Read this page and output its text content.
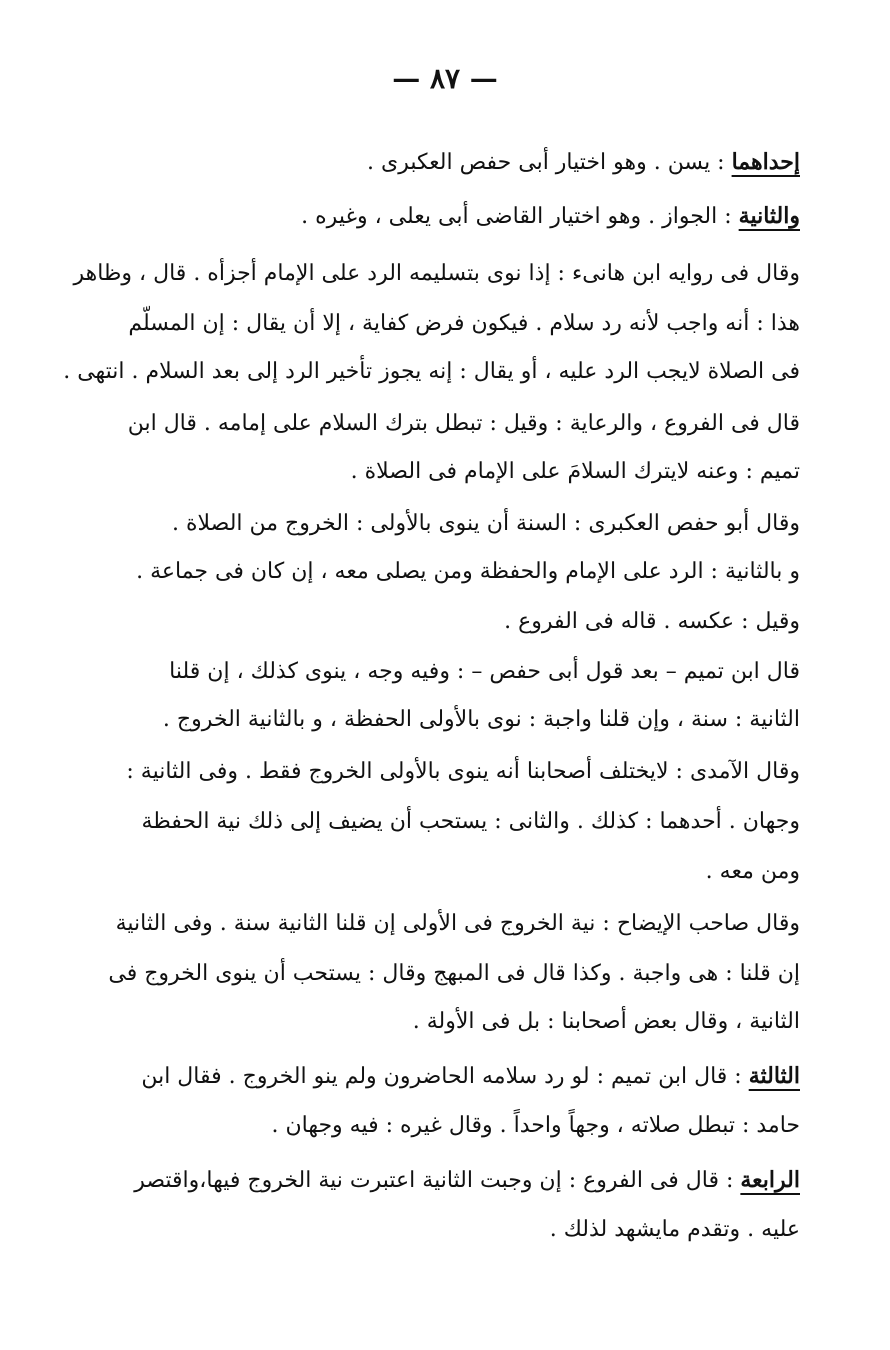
— ٨٧ —

إحداهما : يسن . وهو اختيار أبى حفص العكبرى .

والثانية : الجواز . وهو اختيار القاضى أبى يعلى ، وغيره .

وقال فى روايه ابن هانىء : إذا نوى بتسليمه الرد على الإمام أجزأه . قال ، وظاهر

هذا : أنه واجب لأنه رد سلام . فيكون فرض كفاية ، إلا أن يقال : إن المسلّم

فى الصلاة لايجب الرد عليه ، أو يقال : إنه يجوز تأخير الرد إلى بعد السلام . انتهى .

قال فى الفروع ، والرعاية : وقيل : تبطل بترك السلام على إمامه . قال ابن

تميم : وعنه لايترك السلامَ على الإمام فى الصلاة .

وقال أبو حفص العكبرى : السنة أن ينوى بالأولى : الخروج من الصلاة .

و بالثانية : الرد على الإمام والحفظة ومن يصلى معه ، إن كان فى جماعة .

وقيل : عكسه . قاله فى الفروع .

قال ابن تميم – بعد قول أبى حفص – : وفيه وجه ، ينوى كذلك ، إن قلنا

الثانية : سنة ، وإن قلنا واجبة : نوى بالأولى الحفظة ، و بالثانية الخروج .

وقال الآمدى : لايختلف أصحابنا أنه ينوى بالأولى الخروج فقط . وفى الثانية :

وجهان . أحدهما : كذلك . والثانى : يستحب أن يضيف إلى ذلك نية الحفظة

ومن معه .

وقال صاحب الإيضاح : نية الخروج فى الأولى إن قلنا الثانية سنة . وفى الثانية

إن قلنا : هى واجبة . وكذا قال فى المبهج وقال : يستحب أن ينوى الخروج فى

الثانية ، وقال بعض أصحابنا : بل فى الأولة .

الثالثة : قال ابن تميم : لو رد سلامه الحاضرون ولم ينو الخروج . فقال ابن

حامد : تبطل صلاته ، وجهاً واحداً . وقال غيره : فيه وجهان .

الرابعة : قال فى الفروع : إن وجبت الثانية اعتبرت نية الخروج فيها،واقتصر

عليه . وتقدم مايشهد لذلك .
